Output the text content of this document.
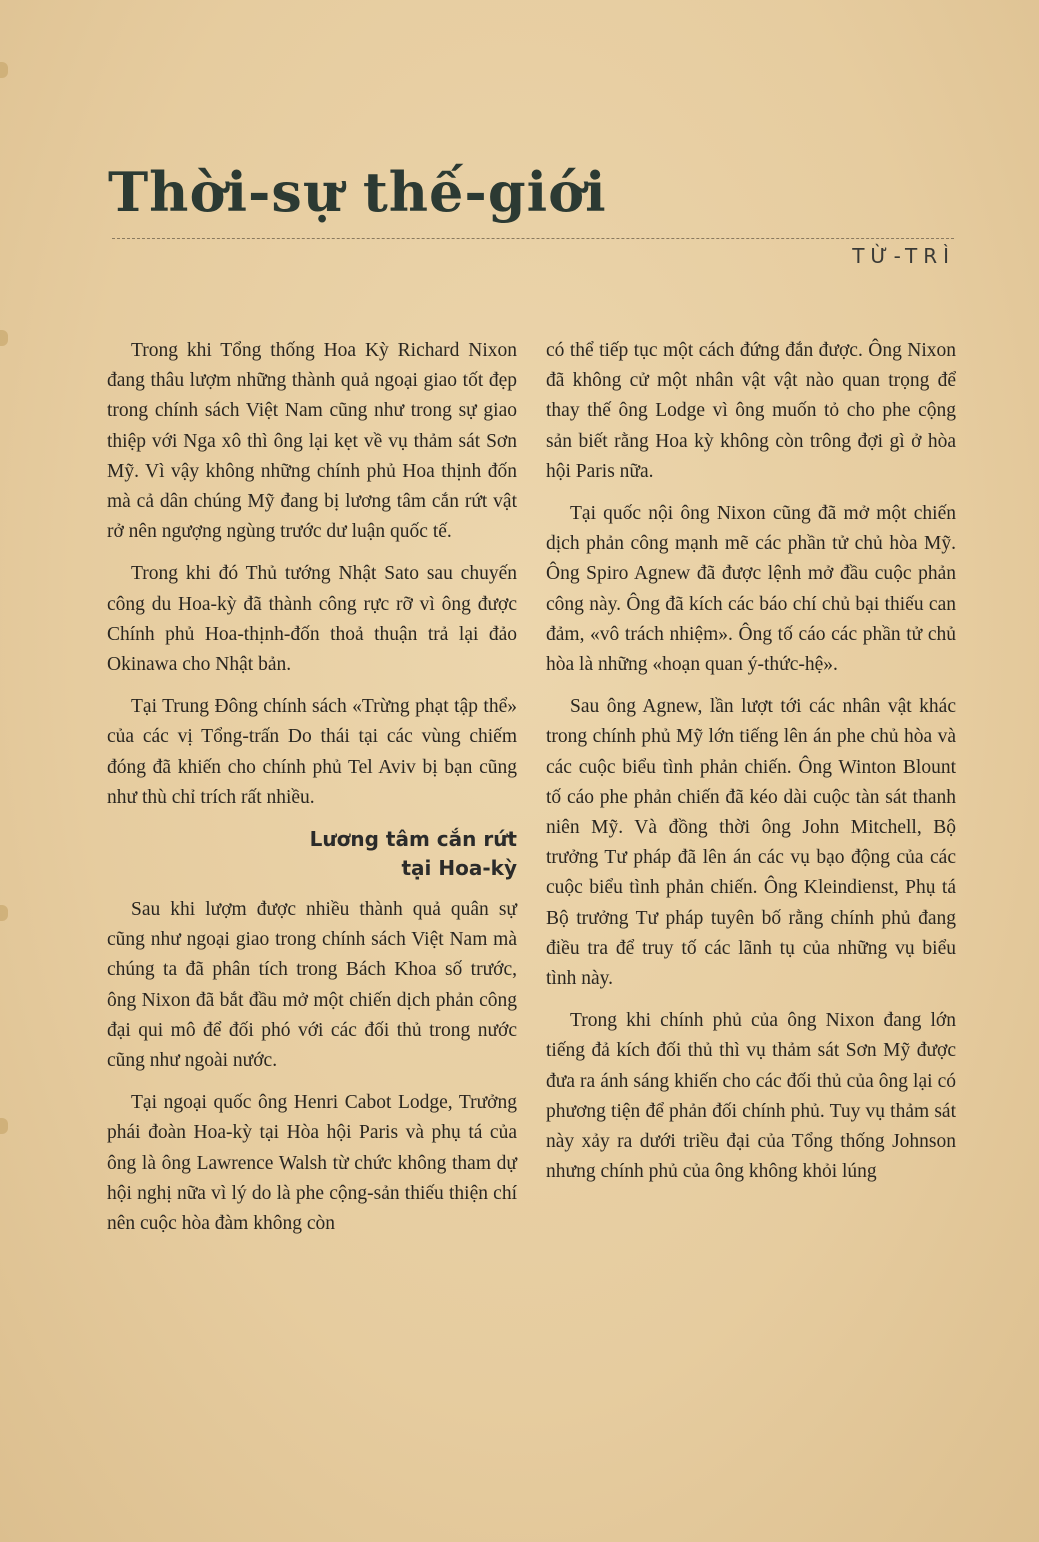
Thời-sự thế-giới
TỪ-TRÌ

Trong khi Tổng thống Hoa Kỳ Richard Nixon đang thâu lượm những thành quả ngoại giao tốt đẹp trong chính sách Việt Nam cũng như trong sự giao thiệp với Nga xô thì ông lại kẹt về vụ thảm sát Sơn Mỹ. Vì vậy không những chính phủ Hoa thịnh đốn mà cả dân chúng Mỹ đang bị lương tâm cắn rứt vật rở nên ngượng ngùng trước dư luận quốc tế.

Trong khi đó Thủ tướng Nhật Sato sau chuyến công du Hoa-kỳ đã thành công rực rỡ vì ông được Chính phủ Hoa-thịnh-đốn thoả thuận trả lại đảo Okinawa cho Nhật bản.

Tại Trung Đông chính sách «Trừng phạt tập thể» của các vị Tổng-trấn Do thái tại các vùng chiếm đóng đã khiến cho chính phủ Tel Aviv bị bạn cũng như thù chỉ trích rất nhiều.

Lương tâm cắn rứt
tại Hoa-kỳ

Sau khi lượm được nhiều thành quả quân sự cũng như ngoại giao trong chính sách Việt Nam mà chúng ta đã phân tích trong Bách Khoa số trước, ông Nixon đã bắt đầu mở một chiến dịch phản công đại qui mô để đối phó với các đối thủ trong nước cũng như ngoài nước.

Tại ngoại quốc ông Henri Cabot Lodge, Trưởng phái đoàn Hoa-kỳ tại Hòa hội Paris và phụ tá của ông là ông Lawrence Walsh từ chức không tham dự hội nghị nữa vì lý do là phe cộng-sản thiếu thiện chí nên cuộc hòa đàm không còn

có thể tiếp tục một cách đứng đắn được. Ông Nixon đã không cử một nhân vật vật nào quan trọng để thay thế ông Lodge vì ông muốn tỏ cho phe cộng sản biết rằng Hoa kỳ không còn trông đợi gì ở hòa hội Paris nữa.

Tại quốc nội ông Nixon cũng đã mở một chiến dịch phản công mạnh mẽ các phần tử chủ hòa Mỹ. Ông Spiro Agnew đã được lệnh mở đầu cuộc phản công này. Ông đã kích các báo chí chủ bại thiếu can đảm, «vô trách nhiệm». Ông tố cáo các phần tử chủ hòa là những «hoạn quan ý-thức-hệ».

Sau ông Agnew, lần lượt tới các nhân vật khác trong chính phủ Mỹ lớn tiếng lên án phe chủ hòa và các cuộc biểu tình phản chiến. Ông Winton Blount tố cáo phe phản chiến đã kéo dài cuộc tàn sát thanh niên Mỹ. Và đồng thời ông John Mitchell, Bộ trưởng Tư pháp đã lên án các vụ bạo động của các cuộc biểu tình phản chiến. Ông Kleindienst, Phụ tá Bộ trưởng Tư pháp tuyên bố rằng chính phủ đang điều tra để truy tố các lãnh tụ của những vụ biểu tình này.

Trong khi chính phủ của ông Nixon đang lớn tiếng đả kích đối thủ thì vụ thảm sát Sơn Mỹ được đưa ra ánh sáng khiến cho các đối thủ của ông lại có phương tiện để phản đối chính phủ. Tuy vụ thảm sát này xảy ra dưới triều đại của Tổng thống Johnson nhưng chính phủ của ông không khỏi lúng
